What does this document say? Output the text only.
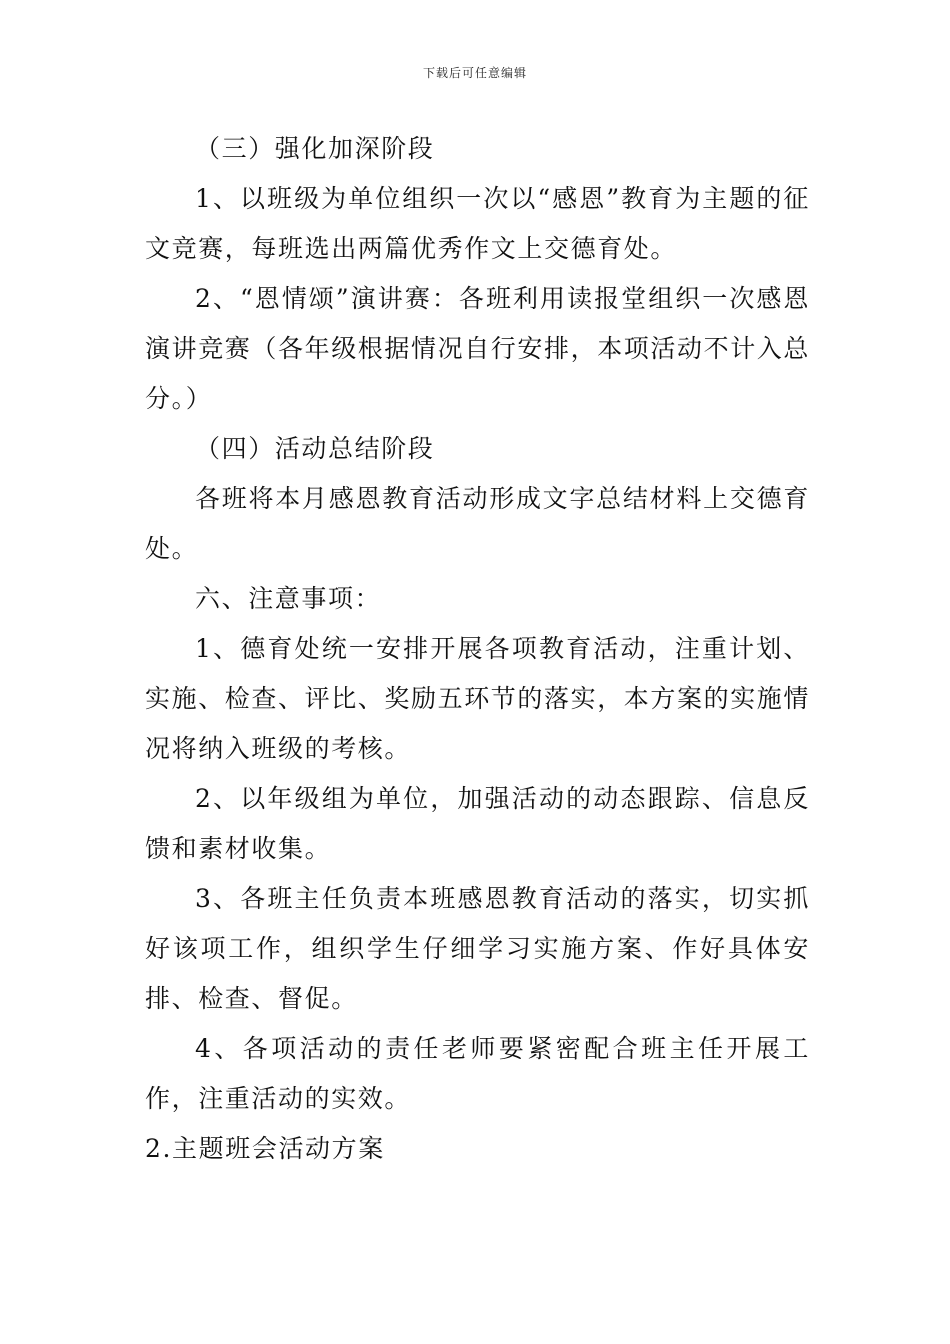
下载后可任意编辑

（三）强化加深阶段

1、以班级为单位组织一次以“感恩”教育为主题的征文竞赛，每班选出两篇优秀作文上交德育处。

2、“恩情颂”演讲赛：各班利用读报堂组织一次感恩演讲竞赛（各年级根据情况自行安排，本项活动不计入总分。）

（四）活动总结阶段

各班将本月感恩教育活动形成文字总结材料上交德育处。

六、注意事项：

1、德育处统一安排开展各项教育活动，注重计划、实施、检查、评比、奖励五环节的落实，本方案的实施情况将纳入班级的考核。

2、以年级组为单位，加强活动的动态跟踪、信息反馈和素材收集。

3、各班主任负责本班感恩教育活动的落实，切实抓好该项工作，组织学生仔细学习实施方案、作好具体安排、检查、督促。

4、各项活动的责任老师要紧密配合班主任开展工作，注重活动的实效。

2.主题班会活动方案
